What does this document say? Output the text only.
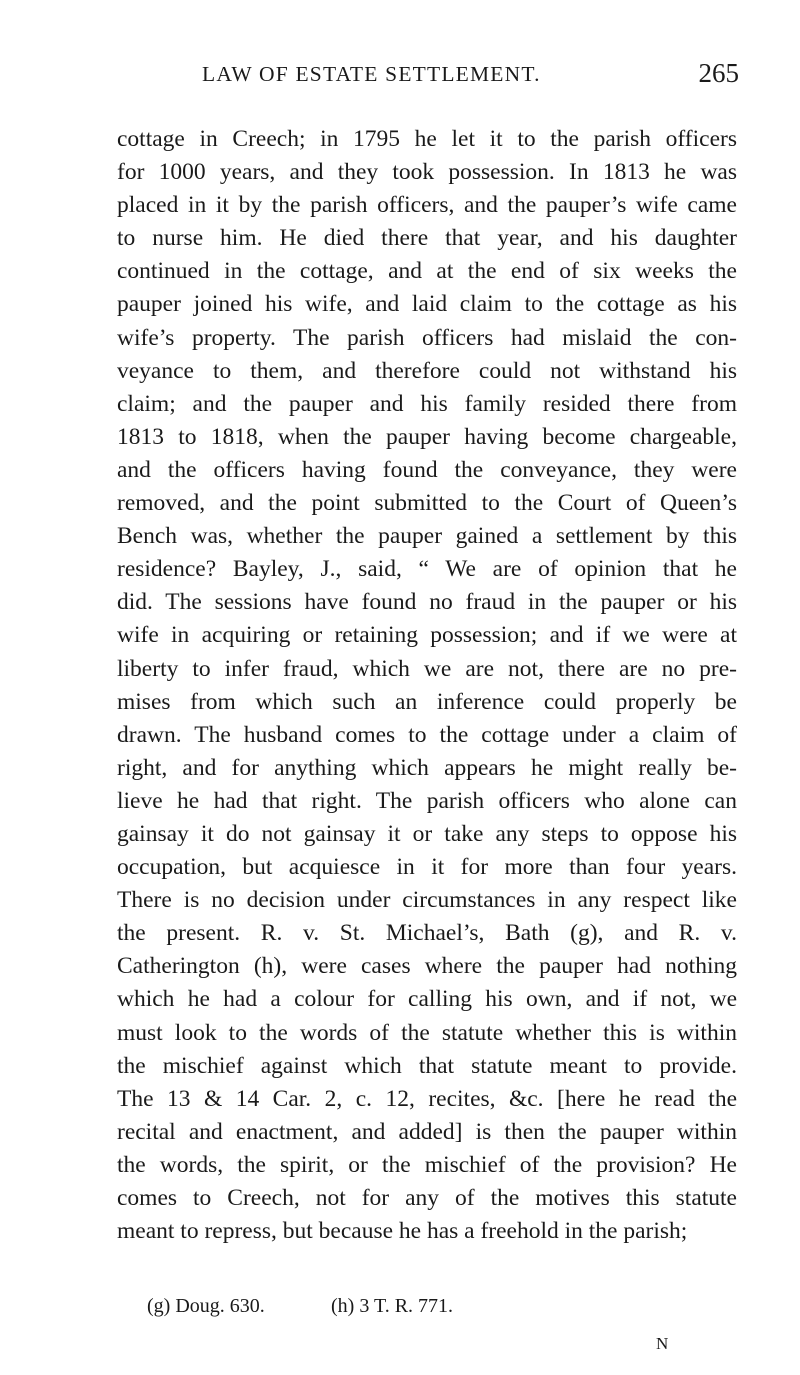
LAW OF ESTATE SETTLEMENT.	265
cottage in Creech; in 1795 he let it to the parish officers
for 1000 years, and they took possession. In 1813 he was
placed in it by the parish officers, and the pauper’s wife came
to nurse him. He died there that year, and his daughter
continued in the cottage, and at the end of six weeks the
pauper joined his wife, and laid claim to the cottage as his
wife’s property. The parish officers had mislaid the con-
veyance to them, and therefore could not withstand his
claim; and the pauper and his family resided there from
1813 to 1818, when the pauper having become chargeable,
and the officers having found the conveyance, they were
removed, and the point submitted to the Court of Queen’s
Bench was, whether the pauper gained a settlement by this
residence? Bayley, J., said, “ We are of opinion that he
did. The sessions have found no fraud in the pauper or his
wife in acquiring or retaining possession; and if we were at
liberty to infer fraud, which we are not, there are no pre-
mises from which such an inference could properly be
drawn. The husband comes to the cottage under a claim of
right, and for anything which appears he might really be-
lieve he had that right. The parish officers who alone can
gainsay it do not gainsay it or take any steps to oppose his
occupation, but acquiesce in it for more than four years.
There is no decision under circumstances in any respect like
the present. R. v. St. Michael’s, Bath (g), and R. v.
Catherington (h), were cases where the pauper had nothing
which he had a colour for calling his own, and if not, we
must look to the words of the statute whether this is within
the mischief against which that statute meant to provide.
The 13 & 14 Car. 2, c. 12, recites, &c. [here he read the
recital and enactment, and added] is then the pauper within
the words, the spirit, or the mischief of the provision? He
comes to Creech, not for any of the motives this statute
meant to repress, but because he has a freehold in the parish;
(g) Doug. 630.	(h) 3 T. R. 771.
N
